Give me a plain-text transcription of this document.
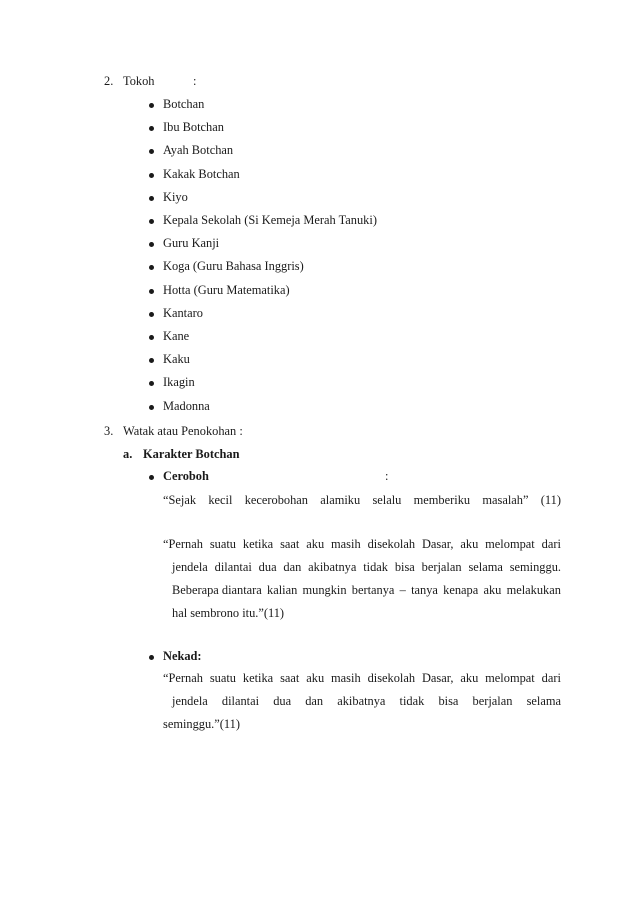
2. Tokoh	:
Botchan
Ibu Botchan
Ayah Botchan
Kakak Botchan
Kiyo
Kepala Sekolah (Si Kemeja Merah Tanuki)
Guru Kanji
Koga (Guru Bahasa Inggris)
Hotta (Guru Matematika)
Kantaro
Kane
Kaku
Ikagin
Madonna
3. Watak atau Penokohan :
a. Karakter Botchan
Ceroboh	:
“Sejak kecil kecerobohan alamiku selalu memberiku masalah” (11)
“Pernah suatu ketika saat aku masih disekolah Dasar, aku melompat dari
jendela dilantai dua dan akibatnya tidak bisa berjalan selama seminggu.
Beberapa diantara kalian mungkin bertanya – tanya kenapa aku melakukan
hal sembrono itu.”(11)
Nekad:
“Pernah suatu ketika saat aku masih disekolah Dasar, aku melompat dari
jendela dilantai dua dan akibatnya tidak bisa berjalan selama
seminggu.”(11)
